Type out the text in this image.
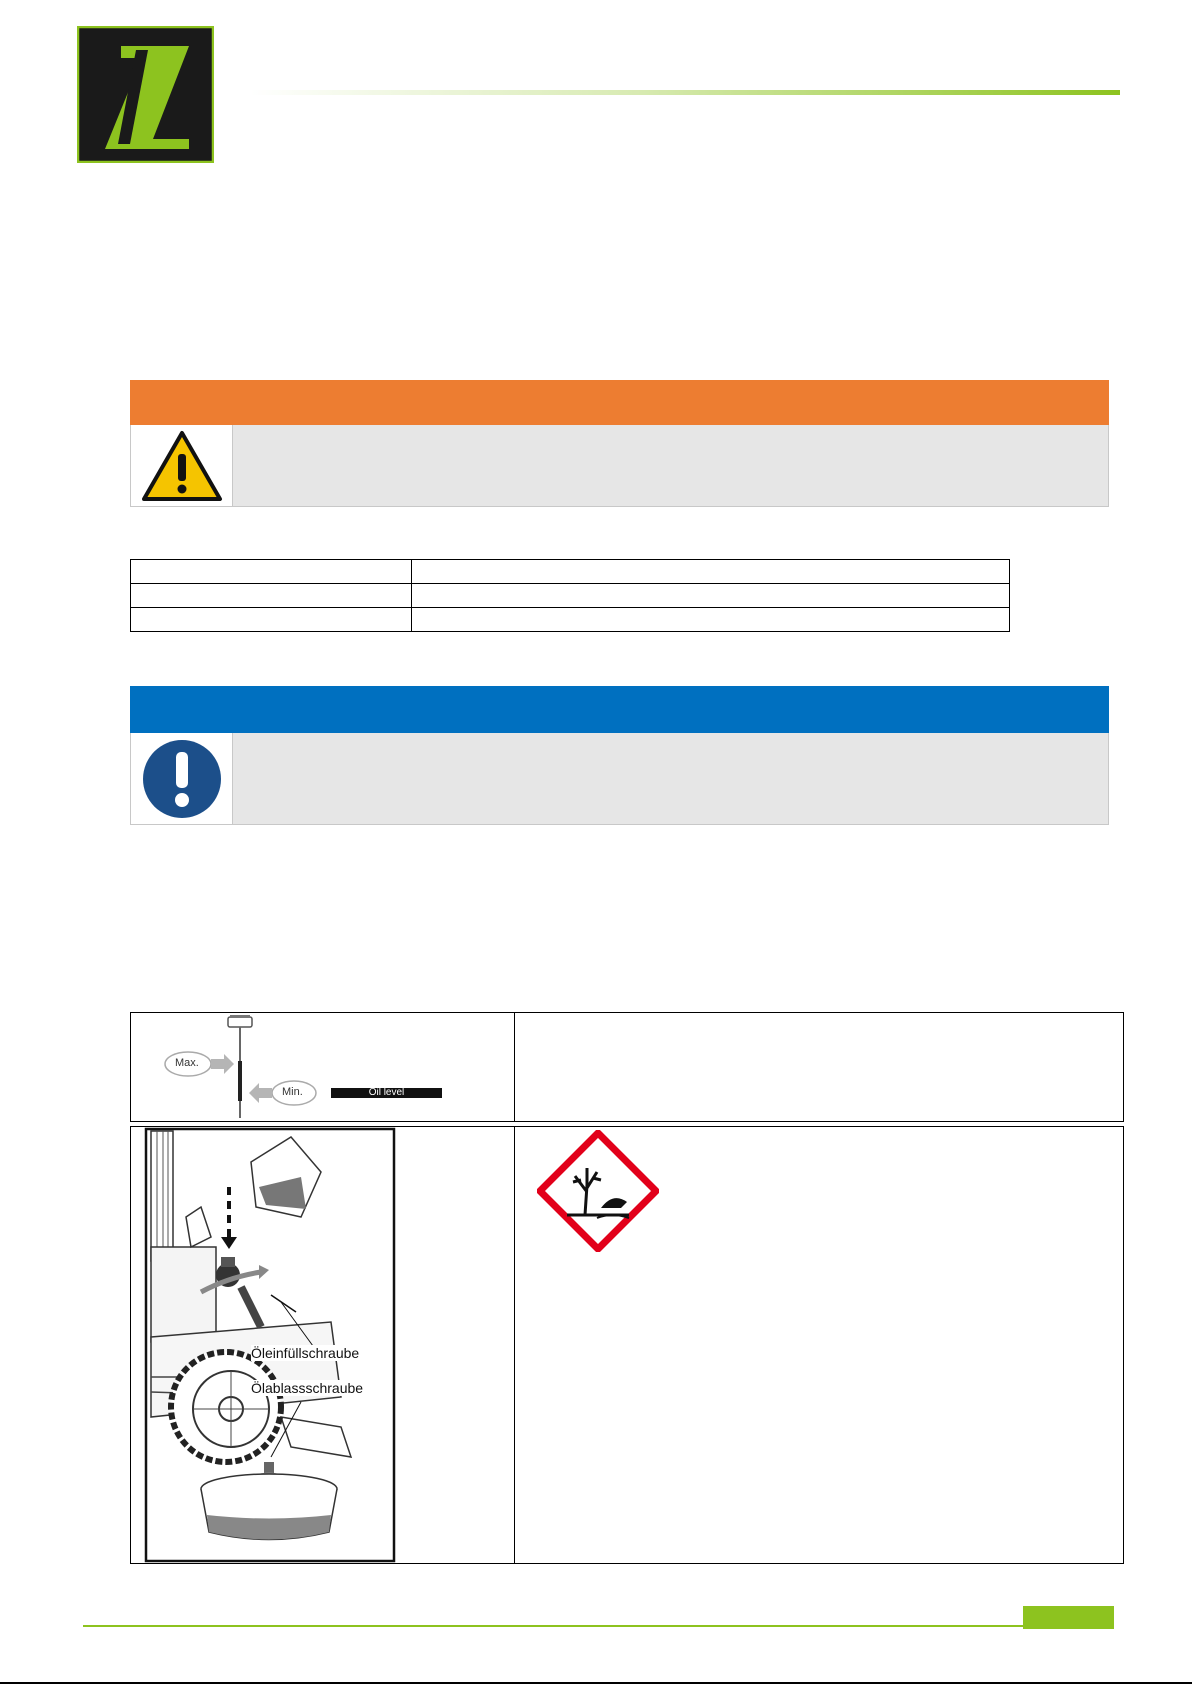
Max.
Min.	Oil level
Öleinfüllschraube
Ölablassschraube
